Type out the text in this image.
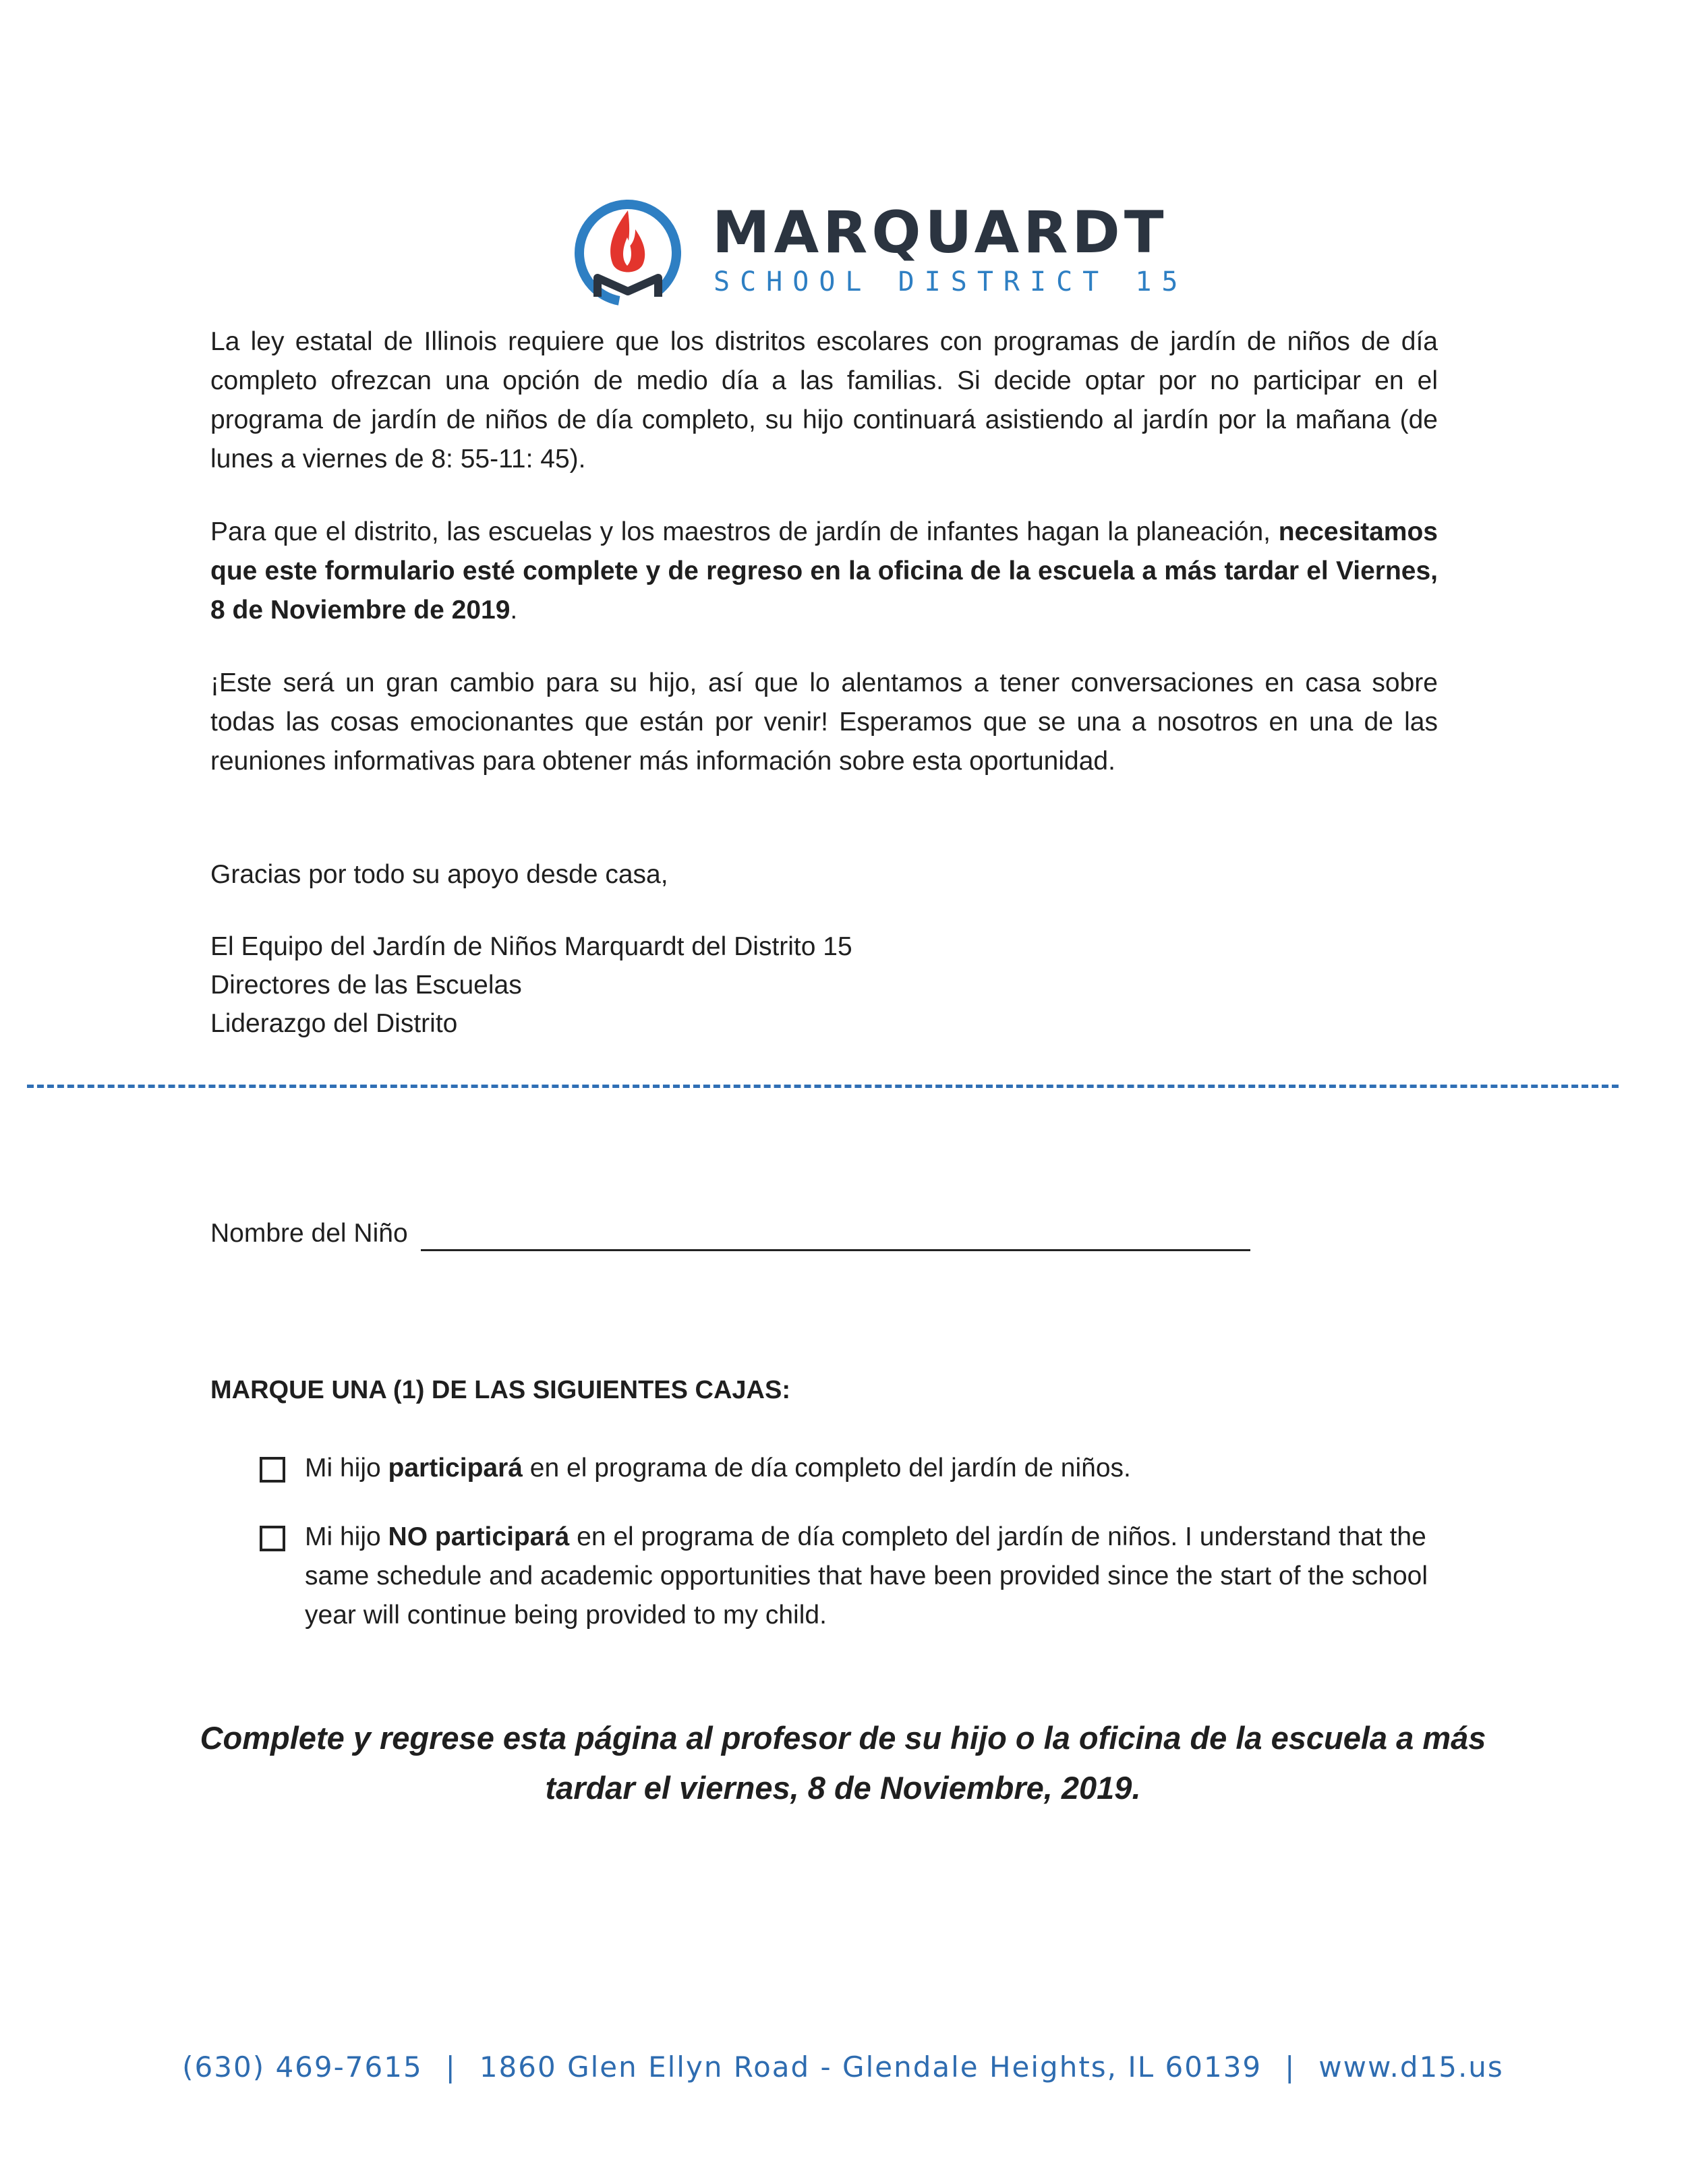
MARQUARDT
SCHOOL DISTRICT 15
La ley estatal de Illinois requiere que los distritos escolares con programas de jardín de niños de día completo ofrezcan una opción de medio día a las familias. Si decide optar por no participar en el programa de jardín de niños de día completo, su hijo continuará asistiendo al jardín por la mañana (de lunes a viernes de 8: 55-11: 45).
Para que el distrito, las escuelas y los maestros de jardín de infantes hagan la planeación, necesitamos que este formulario esté complete y de regreso en la oficina de la escuela a más tardar el Viernes, 8 de Noviembre de 2019.
¡Este será un gran cambio para su hijo, así que lo alentamos a tener conversaciones en casa sobre todas las cosas emocionantes que están por venir! Esperamos que se una a nosotros en una de las reuniones informativas para obtener más información sobre esta oportunidad.
Gracias por todo su apoyo desde casa,
El Equipo del Jardín de Niños Marquardt del Distrito 15
Directores de las Escuelas
Liderazgo del Distrito
Nombre del Niño
MARQUE UNA (1) DE LAS SIGUIENTES CAJAS:
Mi hijo participará en el programa de día completo del jardín de niños.
Mi hijo NO participará en el programa de día completo del jardín de niños. I understand that the same schedule and academic opportunities that have been provided since the start of the school year will continue being provided to my child.
Complete y regrese esta página al profesor de su hijo o la oficina de la escuela a más tardar el viernes, 8 de Noviembre, 2019.
(630) 469-7615 | 1860 Glen Ellyn Road - Glendale Heights, IL 60139 | www.d15.us
